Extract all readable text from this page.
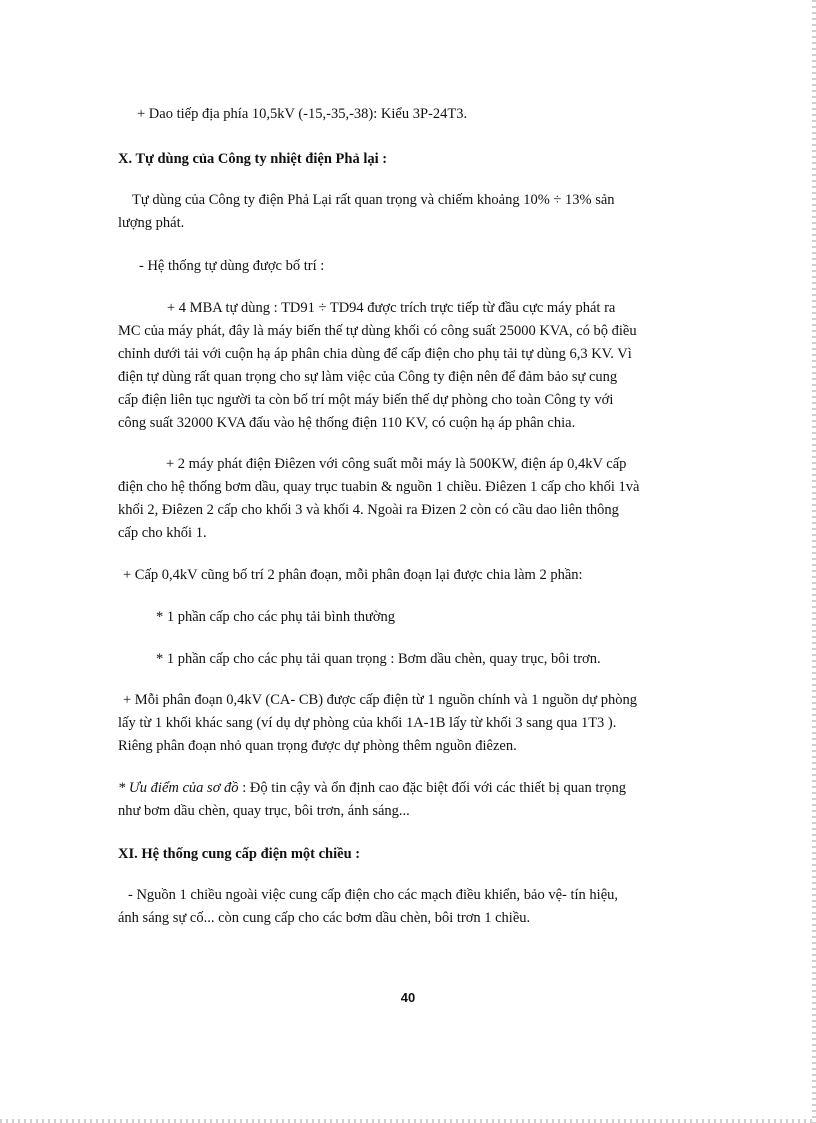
+ Dao tiếp địa phía 10,5kV (-15,-35,-38): Kiểu 3P-24T3.
X. Tự dùng của Công ty nhiệt điện Phả lại :
Tự dùng của Công ty điện Phả Lại rất quan trọng và chiếm khoảng 10% ÷ 13% sản
lượng phát.
- Hệ thống tự dùng được bố trí :
+ 4 MBA tự dùng : TD91 ÷ TD94 được trích trực tiếp từ đầu cực máy phát ra
MC của máy phát, đây là máy biến thế tự dùng khối có công suất 25000 KVA, có bộ điều
chỉnh dưới tải với cuộn hạ áp phân chia dùng để cấp điện cho phụ tải tự dùng 6,3 KV. Vì
điện tự dùng rất quan trọng cho sự làm việc của Công ty điện nên để đảm bảo sự cung
cấp điện liên tục người ta còn bố trí một máy biến thế dự phòng cho toàn Công ty với
công suất 32000 KVA đấu vào hệ thống điện 110 KV, có cuộn hạ áp phân chia.
+ 2 máy phát điện Điêzen với công suất mỗi máy là 500KW, điện áp 0,4kV cấp
điện cho hệ thống bơm dầu, quay trục tuabin & nguồn 1 chiều. Điêzen 1 cấp cho khối 1và
khối 2, Điêzen 2 cấp cho khối 3 và khối 4. Ngoài ra Đizen 2 còn có cầu dao liên thông
cấp cho khối 1.
+ Cấp 0,4kV cũng bố trí 2 phân đoạn, mỗi phân đoạn lại được chia làm 2 phần:
* 1 phần cấp cho các phụ tải bình thường
* 1 phần cấp cho các phụ tải quan trọng : Bơm dầu chèn, quay trục, bôi trơn.
+ Mỗi phân đoạn 0,4kV (CA- CB) được cấp điện từ 1 nguồn chính và 1 nguồn dự phòng
lấy từ 1 khối khác sang (ví dụ dự phòng của khối 1A-1B lấy từ khối 3 sang qua 1T3 ).
Riêng phân đoạn nhỏ quan trọng được dự phòng thêm nguồn điêzen.
* Ưu điểm của sơ đồ : Độ tin cậy và ổn định cao đặc biệt đối với các thiết bị quan trọng
như bơm dầu chèn, quay trục, bôi trơn, ánh sáng...
XI. Hệ thống cung cấp điện một chiều :
- Nguồn 1 chiều ngoài việc cung cấp điện cho các mạch điều khiển, bảo vệ- tín hiệu,
ánh sáng sự cố... còn cung cấp cho các bơm dầu chèn, bôi trơn 1 chiều.
40
